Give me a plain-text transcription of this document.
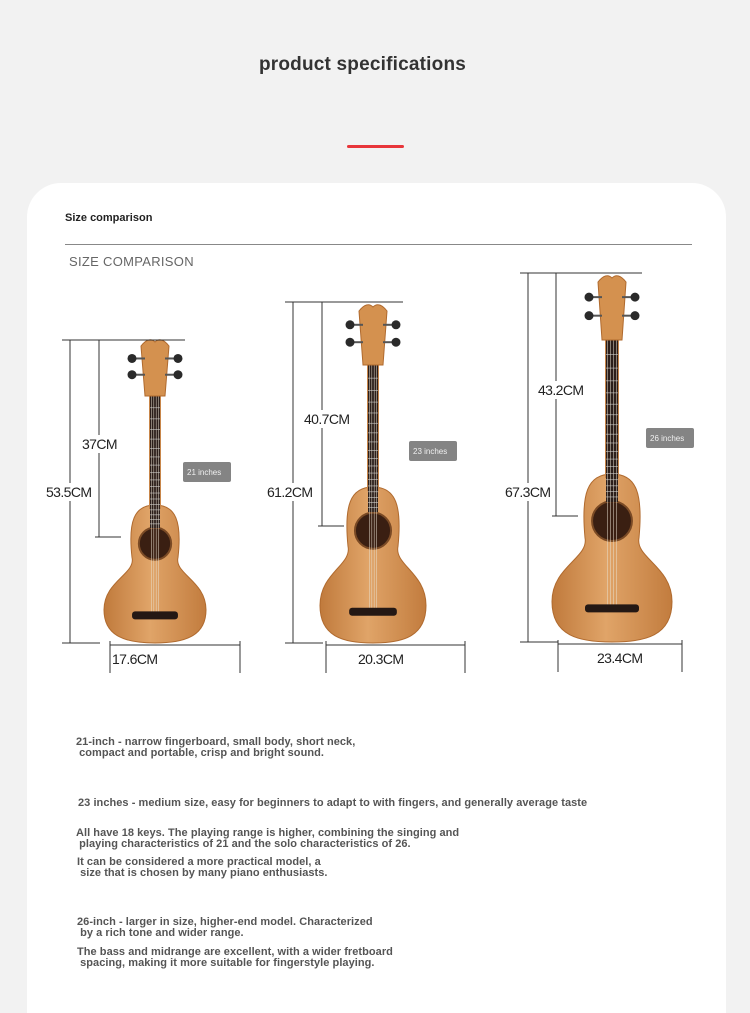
product specifications
Size comparison
SIZE COMPARISON
53.5CM
37CM
17.6CM
21 inches
61.2CM
40.7CM
20.3CM
23 inches
67.3CM
43.2CM
23.4CM
26 inches
21-inch - narrow fingerboard, small body, short neck,
compact and portable, crisp and bright sound.
23 inches - medium size, easy for beginners to adapt to with fingers, and generally average taste
All have 18 keys. The playing range is higher, combining the singing and
playing characteristics of 21 and the solo characteristics of 26.
It can be considered a more practical model, a
size that is chosen by many piano enthusiasts.
26-inch - larger in size, higher-end model. Characterized
by a rich tone and wider range.
The bass and midrange are excellent, with a wider fretboard
spacing, making it more suitable for fingerstyle playing.
